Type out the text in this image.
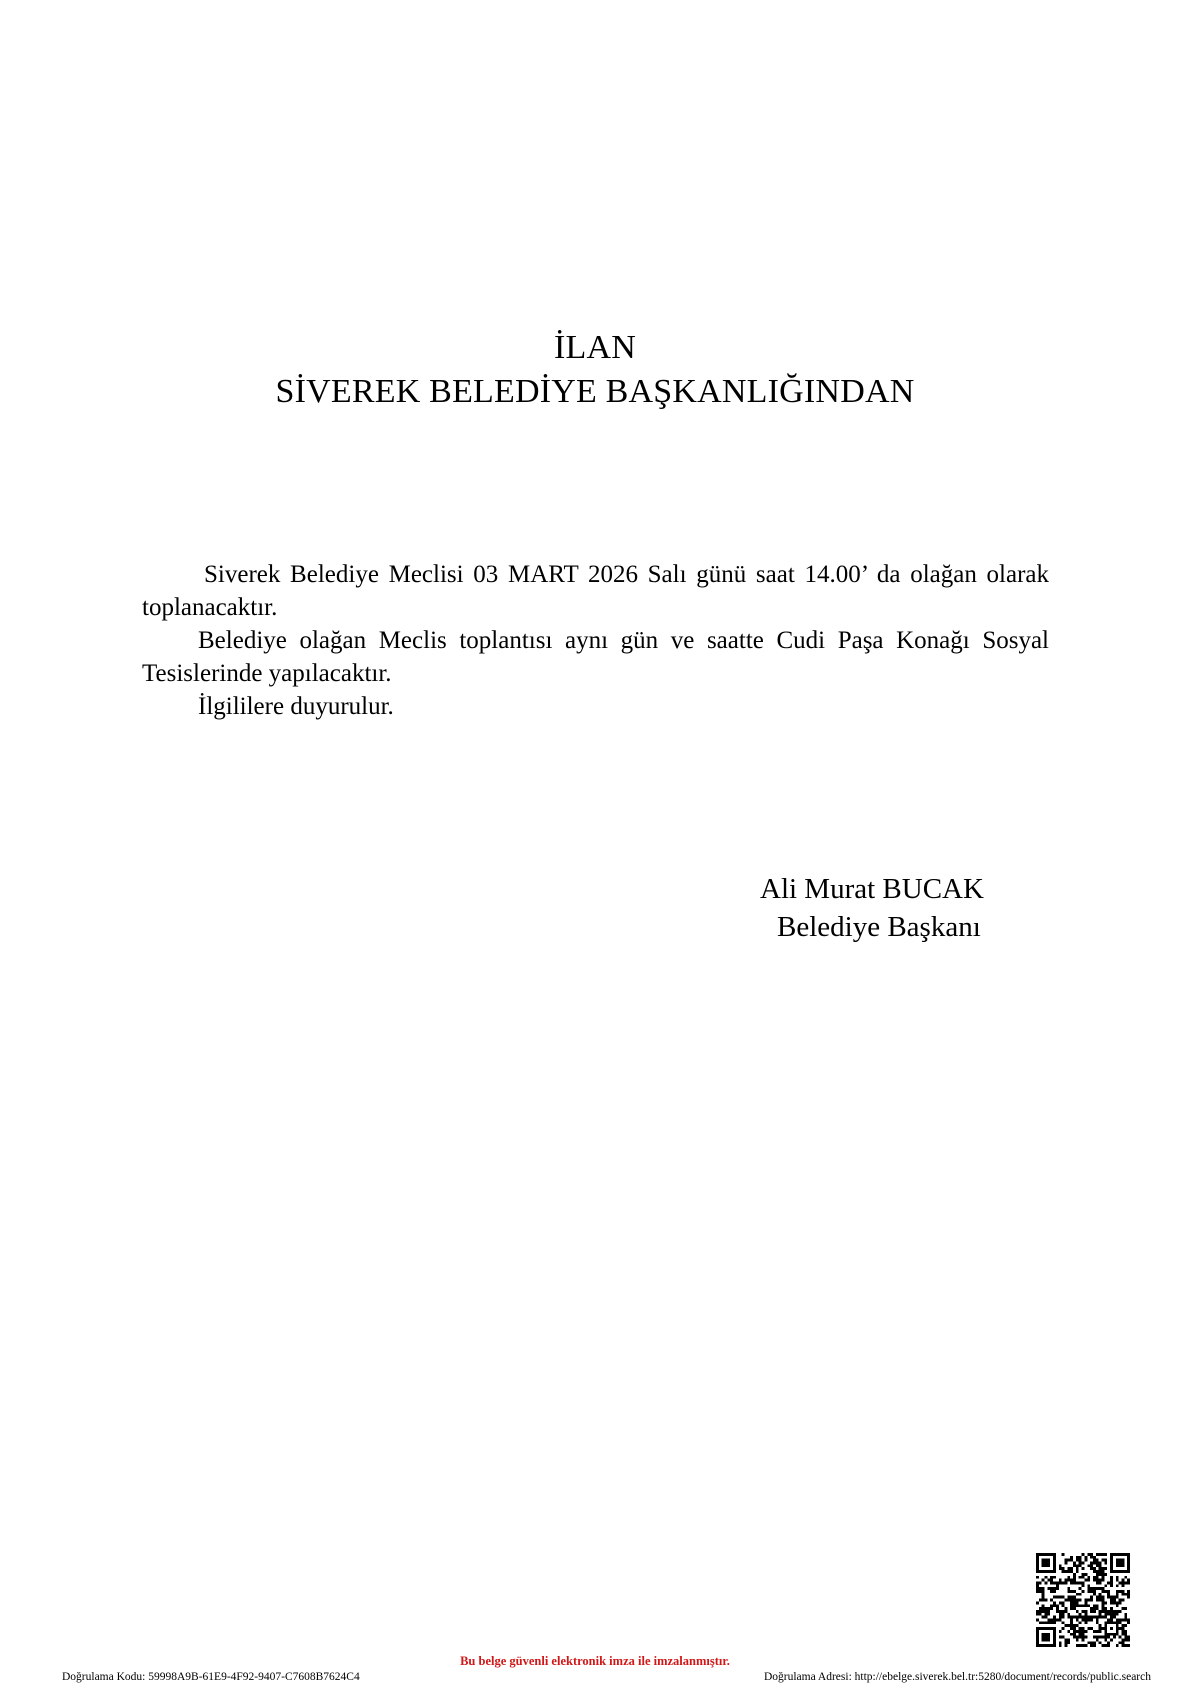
İLAN
SİVEREK BELEDİYE BAŞKANLIĞINDAN

Siverek Belediye Meclisi 03 MART 2026 Salı günü saat 14.00’ da olağan olarak toplanacaktır.

Belediye olağan Meclis toplantısı aynı gün ve saatte Cudi Paşa Konağı Sosyal Tesislerinde yapılacaktır.

İlgililere duyurulur.

Ali Murat BUCAK
Belediye Başkanı
Bu belge güvenli elektronik imza ile imzalanmıştır.
Doğrulama Kodu: 59998A9B-61E9-4F92-9407-C7608B7624C4	Doğrulama Adresi: http://ebelge.siverek.bel.tr:5280/document/records/public.search
